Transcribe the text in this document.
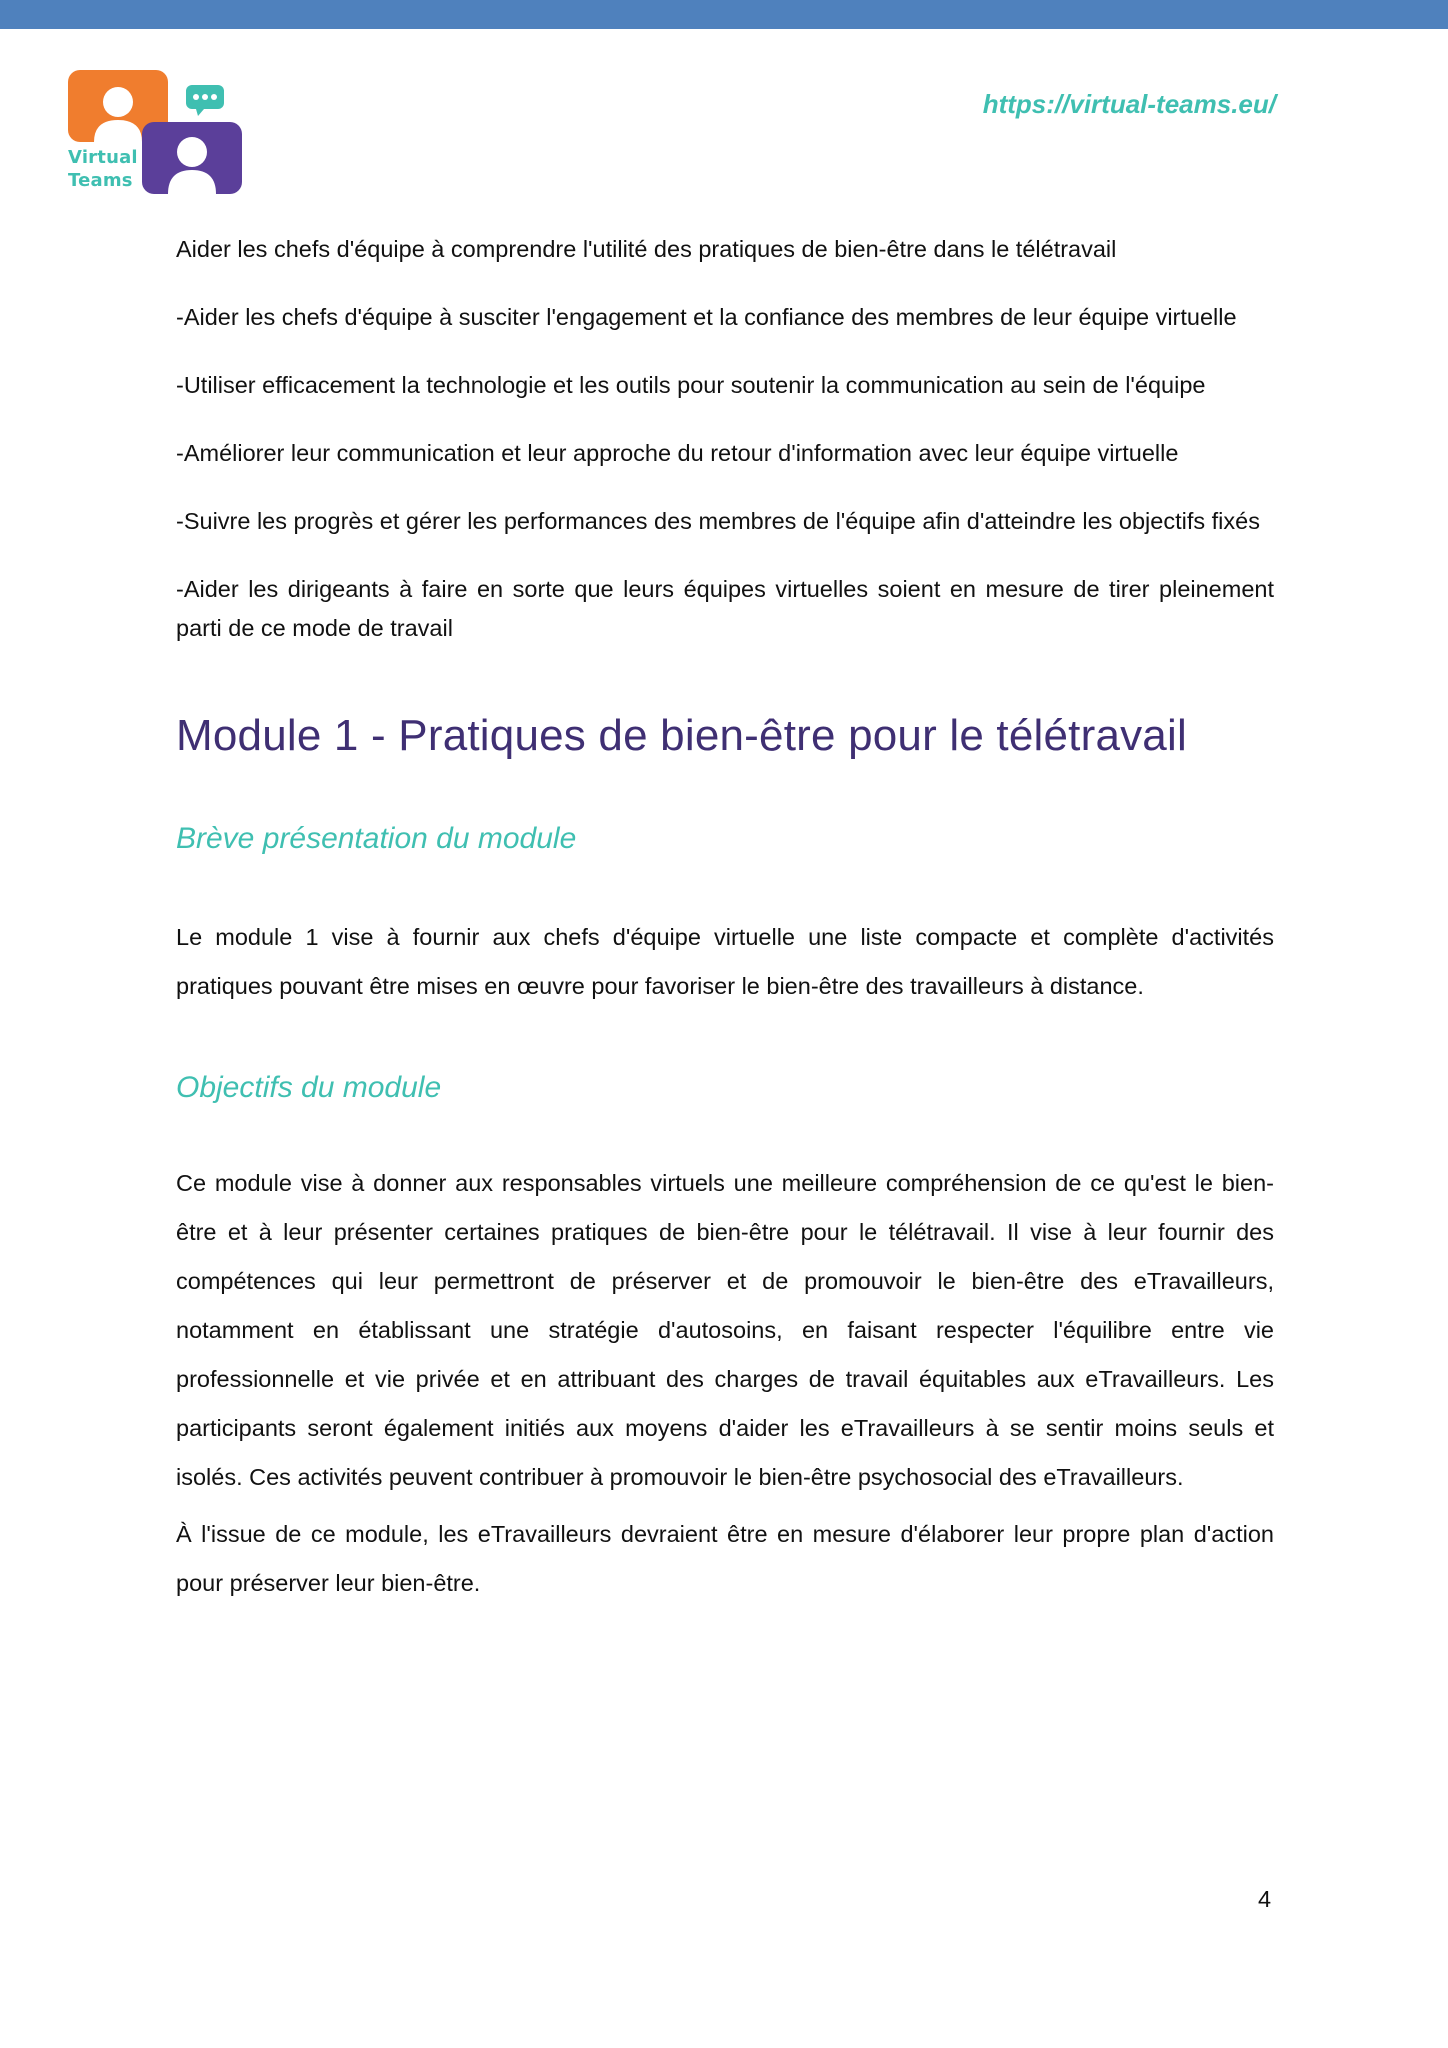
Virtual
Teams
https://virtual-teams.eu/

Aider les chefs d'équipe à comprendre l'utilité des pratiques de bien-être dans le télétravail

-Aider les chefs d'équipe à susciter l'engagement et la confiance des membres de leur équipe virtuelle

-Utiliser efficacement la technologie et les outils pour soutenir la communication au sein de l'équipe

-Améliorer leur communication et leur approche du retour d'information avec leur équipe virtuelle

-Suivre les progrès et gérer les performances des membres de l'équipe afin d'atteindre les objectifs fixés

-Aider les dirigeants à faire en sorte que leurs équipes virtuelles soient en mesure de tirer pleinement parti de ce mode de travail

Module 1 - Pratiques de bien-être pour le télétravail
Brève présentation du module

Le module 1 vise à fournir aux chefs d'équipe virtuelle une liste compacte et complète d'activités pratiques pouvant être mises en œuvre pour favoriser le bien-être des travailleurs à distance.

Objectifs du module

Ce module vise à donner aux responsables virtuels une meilleure compréhension de ce qu'est le bien-être et à leur présenter certaines pratiques de bien-être pour le télétravail. Il vise à leur fournir des compétences qui leur permettront de préserver et de promouvoir le bien-être des eTravailleurs, notamment en établissant une stratégie d'autosoins, en faisant respecter l'équilibre entre vie professionnelle et vie privée et en attribuant des charges de travail équitables aux eTravailleurs. Les participants seront également initiés aux moyens d'aider les eTravailleurs à se sentir moins seuls et isolés. Ces activités peuvent contribuer à promouvoir le bien-être psychosocial des eTravailleurs.

À l'issue de ce module, les eTravailleurs devraient être en mesure d'élaborer leur propre plan d'action pour préserver leur bien-être.

4
